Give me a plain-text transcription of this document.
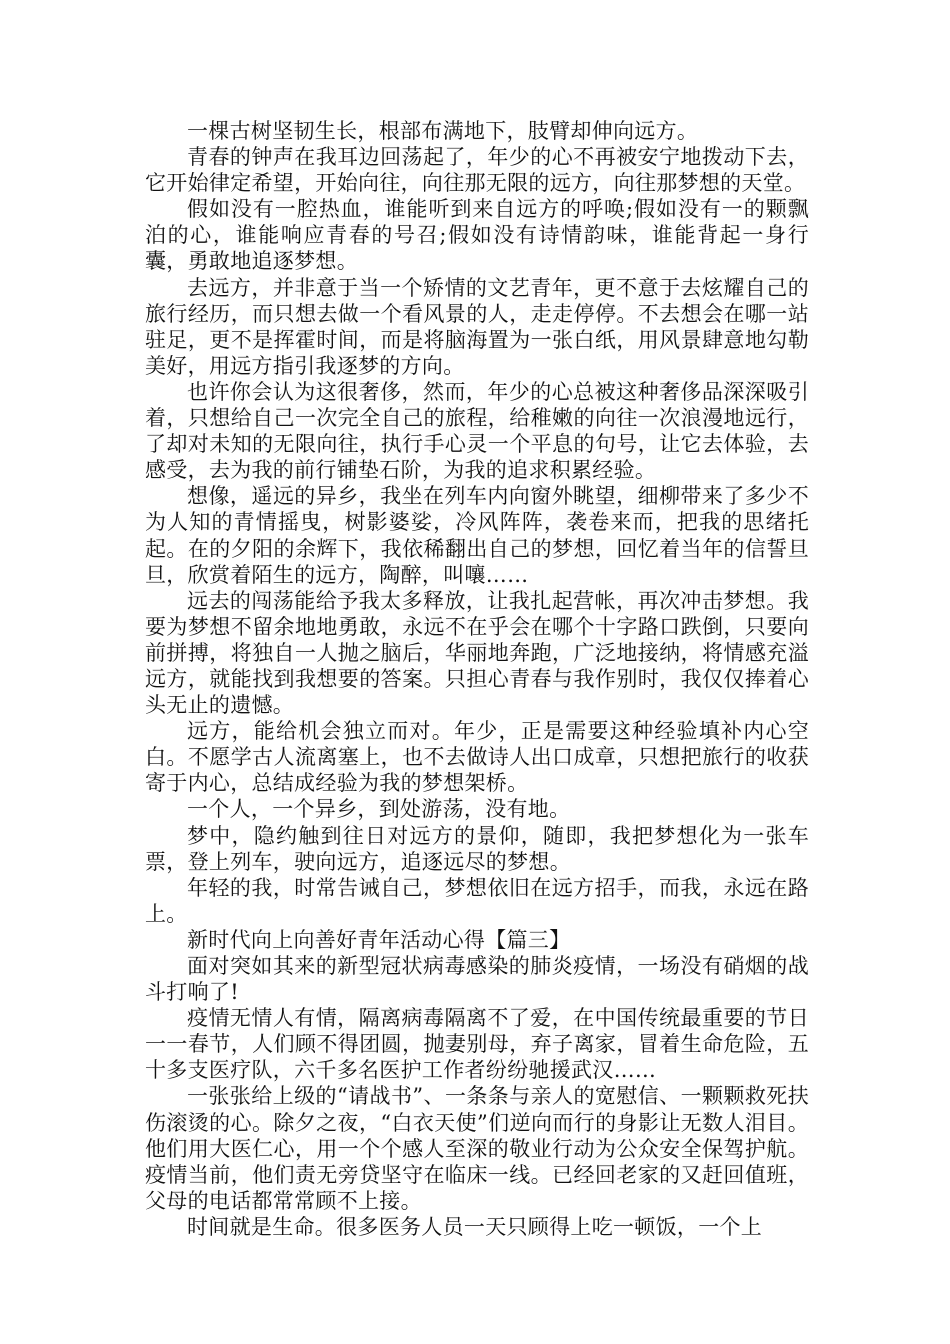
一棵古树坚韧生长，根部布满地下，肢臂却伸向远方。

青春的钟声在我耳边回荡起了，年少的心不再被安宁地拨动下去，它开始律定希望，开始向往，向往那无限的远方，向往那梦想的天堂。

假如没有一腔热血，谁能听到来自远方的呼唤;假如没有一的颗飘泊的心，谁能响应青春的号召;假如没有诗情韵味，谁能背起一身行囊，勇敢地追逐梦想。

去远方，并非意于当一个矫情的文艺青年，更不意于去炫耀自己的旅行经历，而只想去做一个看风景的人，走走停停。不去想会在哪一站驻足，更不是挥霍时间，而是将脑海置为一张白纸，用风景肆意地勾勒美好，用远方指引我逐梦的方向。

也许你会认为这很奢侈，然而，年少的心总被这种奢侈品深深吸引着，只想给自己一次完全自己的旅程，给稚嫩的向往一次浪漫地远行，了却对未知的无限向往，执行手心灵一个平息的句号，让它去体验，去感受，去为我的前行铺垫石阶，为我的追求积累经验。

想像，遥远的异乡，我坐在列车内向窗外眺望，细柳带来了多少不为人知的青情摇曳，树影婆娑，冷风阵阵，袭卷来而，把我的思绪托起。在的夕阳的余辉下，我依稀翻出自己的梦想，回忆着当年的信誓旦旦，欣赏着陌生的远方，陶醉，叫嚷……

远去的闯荡能给予我太多释放，让我扎起营帐，再次冲击梦想。我要为梦想不留余地地勇敢，永远不在乎会在哪个十字路口跌倒，只要向前拼搏，将独自一人抛之脑后，华丽地奔跑，广泛地接纳，将情感充溢远方，就能找到我想要的答案。只担心青春与我作别时，我仅仅捧着心头无止的遗憾。

远方，能给机会独立而对。年少，正是需要这种经验填补内心空白。不愿学古人流离塞上，也不去做诗人出口成章，只想把旅行的收获寄于内心，总结成经验为我的梦想架桥。

一个人，一个异乡，到处游荡，没有地。

梦中，隐约触到往日对远方的景仰，随即，我把梦想化为一张车票，登上列车，驶向远方，追逐远尽的梦想。

年轻的我，时常告诫自己，梦想依旧在远方招手，而我，永远在路上。

新时代向上向善好青年活动心得【篇三】

面对突如其来的新型冠状病毒感染的肺炎疫情，一场没有硝烟的战斗打响了!

疫情无情人有情，隔离病毒隔离不了爱，在中国传统最重要的节日一一春节，人们顾不得团圆，抛妻别母，弃子离家，冒着生命危险，五十多支医疗队，六千多名医护工作者纷纷驰援武汉……

一张张给上级的“请战书”、一条条与亲人的宽慰信、一颗颗救死扶伤滚烫的心。除夕之夜，“白衣天使”们逆向而行的身影让无数人泪目。他们用大医仁心，用一个个感人至深的敬业行动为公众安全保驾护航。疫情当前，他们责无旁贷坚守在临床一线。已经回老家的又赶回值班，父母的电话都常常顾不上接。

时间就是生命。很多医务人员一天只顾得上吃一顿饭，一个上
